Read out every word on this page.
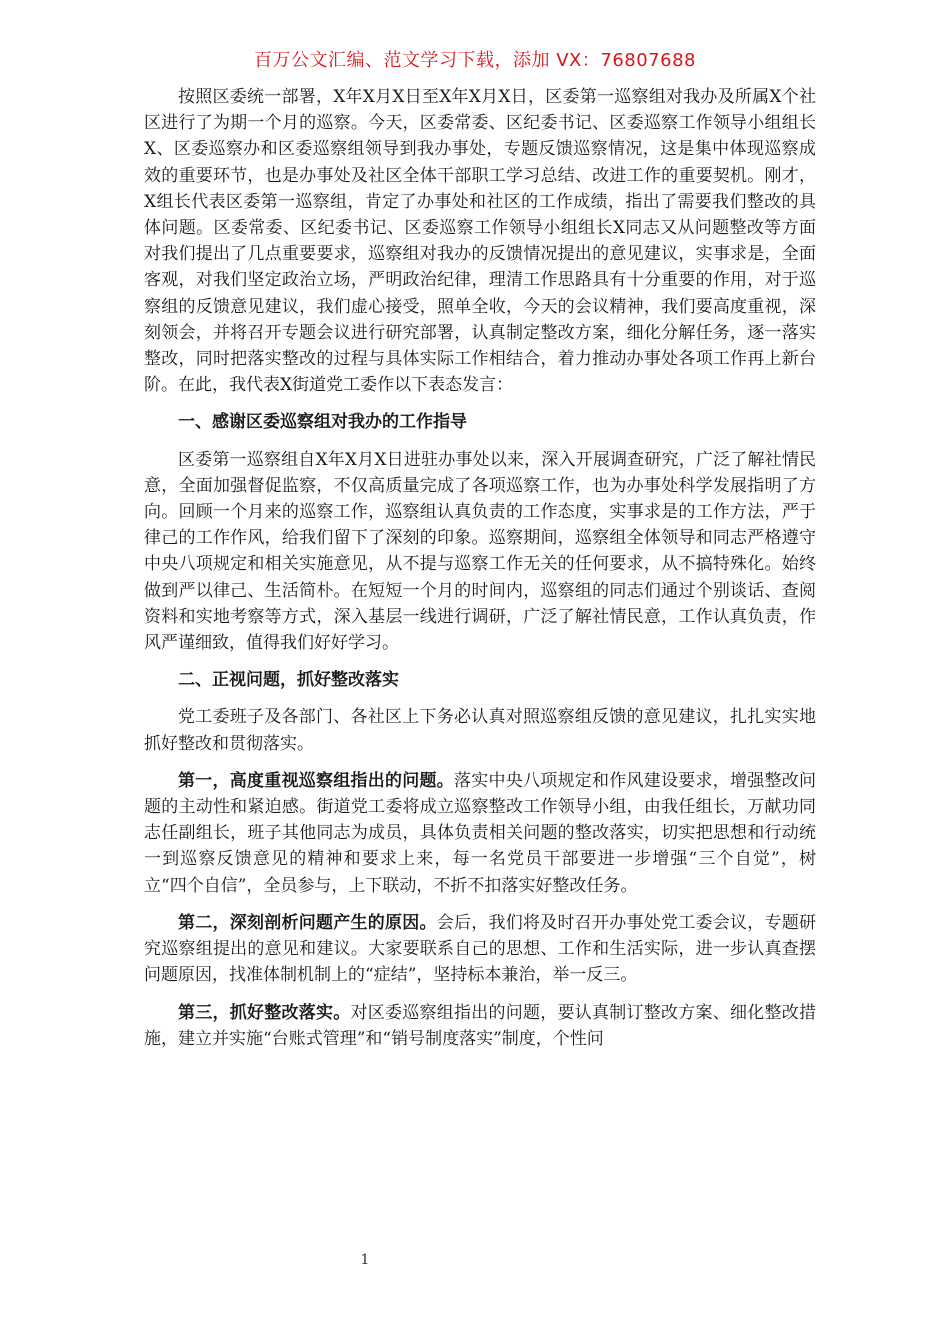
百万公文汇编、范文学习下载，添加 VX：76807688

按照区委统一部署，X年X月X日至X年X月X日，区委第一巡察组对我办及所属X个社区进行了为期一个月的巡察。今天，区委常委、区纪委书记、区委巡察工作领导小组组长X、区委巡察办和区委巡察组领导到我办事处，专题反馈巡察情况，这是集中体现巡察成效的重要环节，也是办事处及社区全体干部职工学习总结、改进工作的重要契机。刚才，X组长代表区委第一巡察组，肯定了办事处和社区的工作成绩，指出了需要我们整改的具体问题。区委常委、区纪委书记、区委巡察工作领导小组组长X同志又从问题整改等方面对我们提出了几点重要要求，巡察组对我办的反馈情况提出的意见建议，实事求是，全面客观，对我们坚定政治立场，严明政治纪律，理清工作思路具有十分重要的作用，对于巡察组的反馈意见建议，我们虚心接受，照单全收，今天的会议精神，我们要高度重视，深刻领会，并将召开专题会议进行研究部署，认真制定整改方案，细化分解任务，逐一落实整改，同时把落实整改的过程与具体实际工作相结合，着力推动办事处各项工作再上新台阶。在此，我代表X街道党工委作以下表态发言：

一、感谢区委巡察组对我办的工作指导

区委第一巡察组自X年X月X日进驻办事处以来，深入开展调查研究，广泛了解社情民意，全面加强督促监察，不仅高质量完成了各项巡察工作，也为办事处科学发展指明了方向。回顾一个月来的巡察工作，巡察组认真负责的工作态度，实事求是的工作方法，严于律己的工作作风，给我们留下了深刻的印象。巡察期间，巡察组全体领导和同志严格遵守中央八项规定和相关实施意见，从不提与巡察工作无关的任何要求，从不搞特殊化。始终做到严以律己、生活简朴。在短短一个月的时间内，巡察组的同志们通过个别谈话、查阅资料和实地考察等方式，深入基层一线进行调研，广泛了解社情民意，工作认真负责，作风严谨细致，值得我们好好学习。

二、正视问题，抓好整改落实

党工委班子及各部门、各社区上下务必认真对照巡察组反馈的意见建议，扎扎实实地抓好整改和贯彻落实。

第一，高度重视巡察组指出的问题。落实中央八项规定和作风建设要求，增强整改问题的主动性和紧迫感。街道党工委将成立巡察整改工作领导小组，由我任组长，万献功同志任副组长，班子其他同志为成员，具体负责相关问题的整改落实，切实把思想和行动统一到巡察反馈意见的精神和要求上来，每一名党员干部要进一步增强“三个自觉”，树立“四个自信”，全员参与，上下联动，不折不扣落实好整改任务。

第二，深刻剖析问题产生的原因。会后，我们将及时召开办事处党工委会议，专题研究巡察组提出的意见和建议。大家要联系自己的思想、工作和生活实际，进一步认真查摆问题原因，找准体制机制上的“症结”，坚持标本兼治，举一反三。

第三，抓好整改落实。对区委巡察组指出的问题，要认真制订整改方案、细化整改措施，建立并实施“台账式管理”和“销号制度落实”制度，个性问

1
